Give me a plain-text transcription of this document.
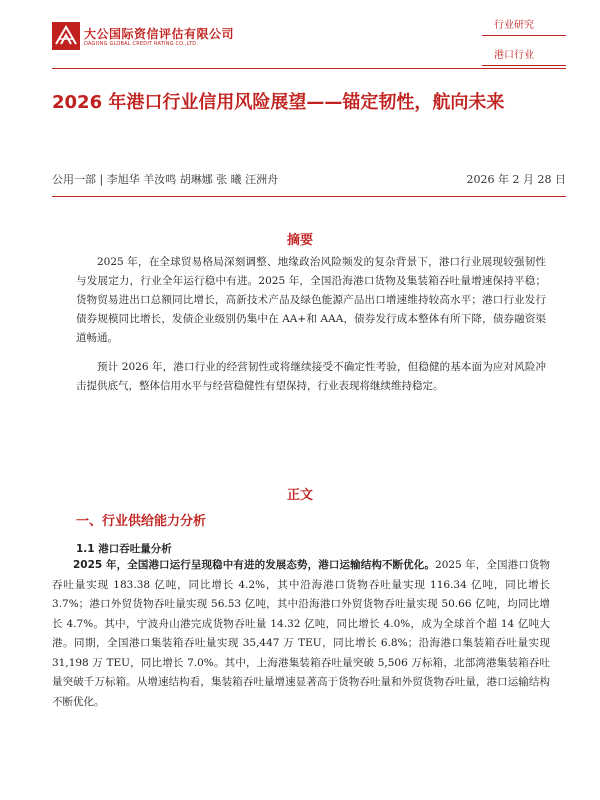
大公国际资信评估有限公司
DAGONG GLOBAL CREDIT RATING CO.,LTD.
行业研究
港口行业
2026 年港口行业信用风险展望——锚定韧性，航向未来
公用一部 | 李旭华 羊汝鸣 胡琳娜 张 曦 汪洲舟	2026 年 2 月 28 日
摘要

2025 年，在全球贸易格局深刻调整、地缘政治风险频发的复杂背景下，港口行业展现较强韧性与发展定力，行业全年运行稳中有进。2025 年，全国沿海港口货物及集装箱吞吐量增速保持平稳；货物贸易进出口总额同比增长，高新技术产品及绿色能源产品出口增速维持较高水平；港口行业发行债券规模同比增长，发债企业级别仍集中在 AA+和 AAA，债券发行成本整体有所下降，债券融资渠道畅通。

预计 2026 年，港口行业的经营韧性或将继续接受不确定性考验，但稳健的基本面为应对风险冲击提供底气，整体信用水平与经营稳健性有望保持，行业表现将继续维持稳定。

正文
一、行业供给能力分析
1.1 港口吞吐量分析

2025 年，全国港口运行呈现稳中有进的发展态势，港口运输结构不断优化。2025 年，全国港口货物吞吐量实现 183.38 亿吨，同比增长 4.2%，其中沿海港口货物吞吐量实现 116.34 亿吨，同比增长 3.7%；港口外贸货物吞吐量实现 56.53 亿吨，其中沿海港口外贸货物吞吐量实现 50.66 亿吨，均同比增长 4.7%。其中，宁波舟山港完成货物吞吐量 14.32 亿吨，同比增长 4.0%，成为全球首个超 14 亿吨大港。同期，全国港口集装箱吞吐量实现 35,447 万 TEU，同比增长 6.8%；沿海港口集装箱吞吐量实现 31,198 万 TEU，同比增长 7.0%。其中，上海港集装箱吞吐量突破 5,506 万标箱，北部湾港集装箱吞吐量突破千万标箱。从增速结构看，集装箱吞吐量增速显著高于货物吞吐量和外贸货物吞吐量，港口运输结构不断优化。
